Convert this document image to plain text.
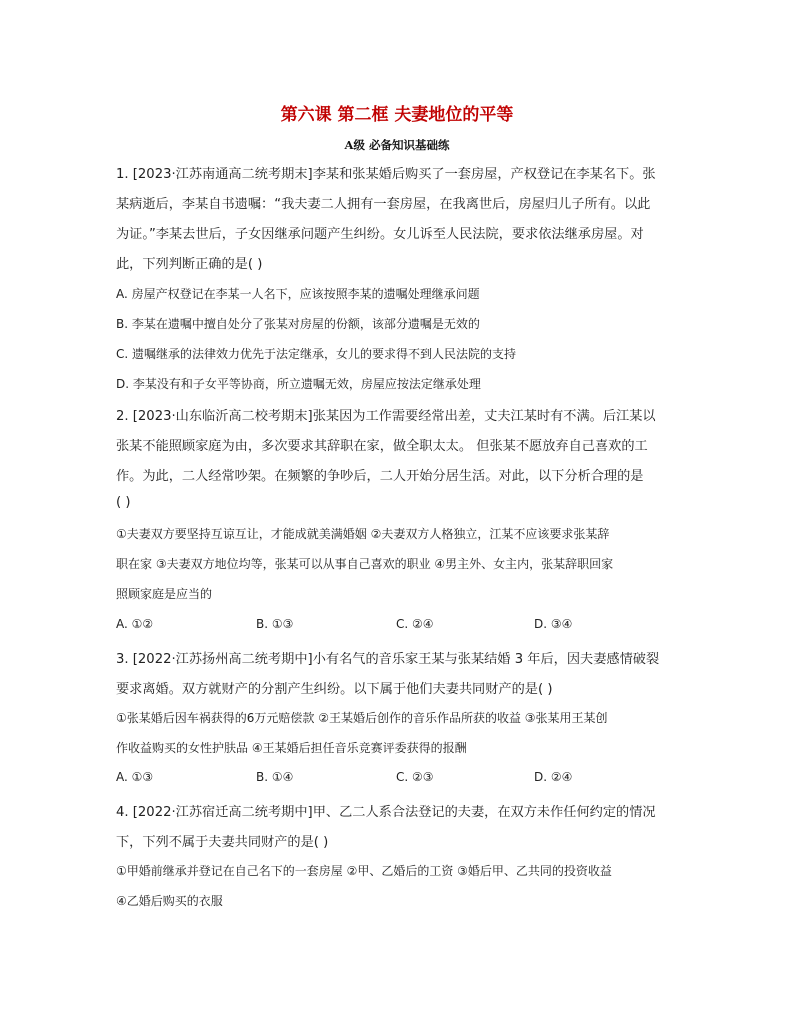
第六课 第二框 夫妻地位的平等
A级 必备知识基础练
1. [2023·江苏南通高二统考期末]李某和张某婚后购买了一套房屋，产权登记在李某名下。张
某病逝后，李某自书遗嘱：“我夫妻二人拥有一套房屋，在我离世后，房屋归儿子所有。以此
为证。”李某去世后，子女因继承问题产生纠纷。女儿诉至人民法院，要求依法继承房屋。对
此，下列判断正确的是( )
A. 房屋产权登记在李某一人名下，应该按照李某的遗嘱处理继承问题
B. 李某在遗嘱中擅自处分了张某对房屋的份额，该部分遗嘱是无效的
C. 遗嘱继承的法律效力优先于法定继承，女儿的要求得不到人民法院的支持
D. 李某没有和子女平等协商，所立遗嘱无效，房屋应按法定继承处理
2. [2023·山东临沂高二校考期末]张某因为工作需要经常出差，丈夫江某时有不满。后江某以
张某不能照顾家庭为由，多次要求其辞职在家，做全职太太。 但张某不愿放弃自己喜欢的工
作。为此，二人经常吵架。在频繁的争吵后，二人开始分居生活。对此，以下分析合理的是
( )
①夫妻双方要坚持互谅互让，才能成就美满婚姻 ②夫妻双方人格独立，江某不应该要求张某辞
职在家 ③夫妻双方地位均等，张某可以从事自己喜欢的职业 ④男主外、女主内，张某辞职回家
照顾家庭是应当的
A. ①②	B. ①③	C. ②④	D. ③④
3. [2022·江苏扬州高二统考期中]小有名气的音乐家王某与张某结婚 3 年后，因夫妻感情破裂
要求离婚。双方就财产的分割产生纠纷。以下属于他们夫妻共同财产的是( )
①张某婚后因车祸获得的6万元赔偿款 ②王某婚后创作的音乐作品所获的收益 ③张某用王某创
作收益购买的女性护肤品 ④王某婚后担任音乐竞赛评委获得的报酬
A. ①③	B. ①④	C. ②③	D. ②④
4. [2022·江苏宿迁高二统考期中]甲、乙二人系合法登记的夫妻，在双方未作任何约定的情况
下，下列不属于夫妻共同财产的是( )
①甲婚前继承并登记在自己名下的一套房屋 ②甲、乙婚后的工资 ③婚后甲、乙共同的投资收益
④乙婚后购买的衣服
